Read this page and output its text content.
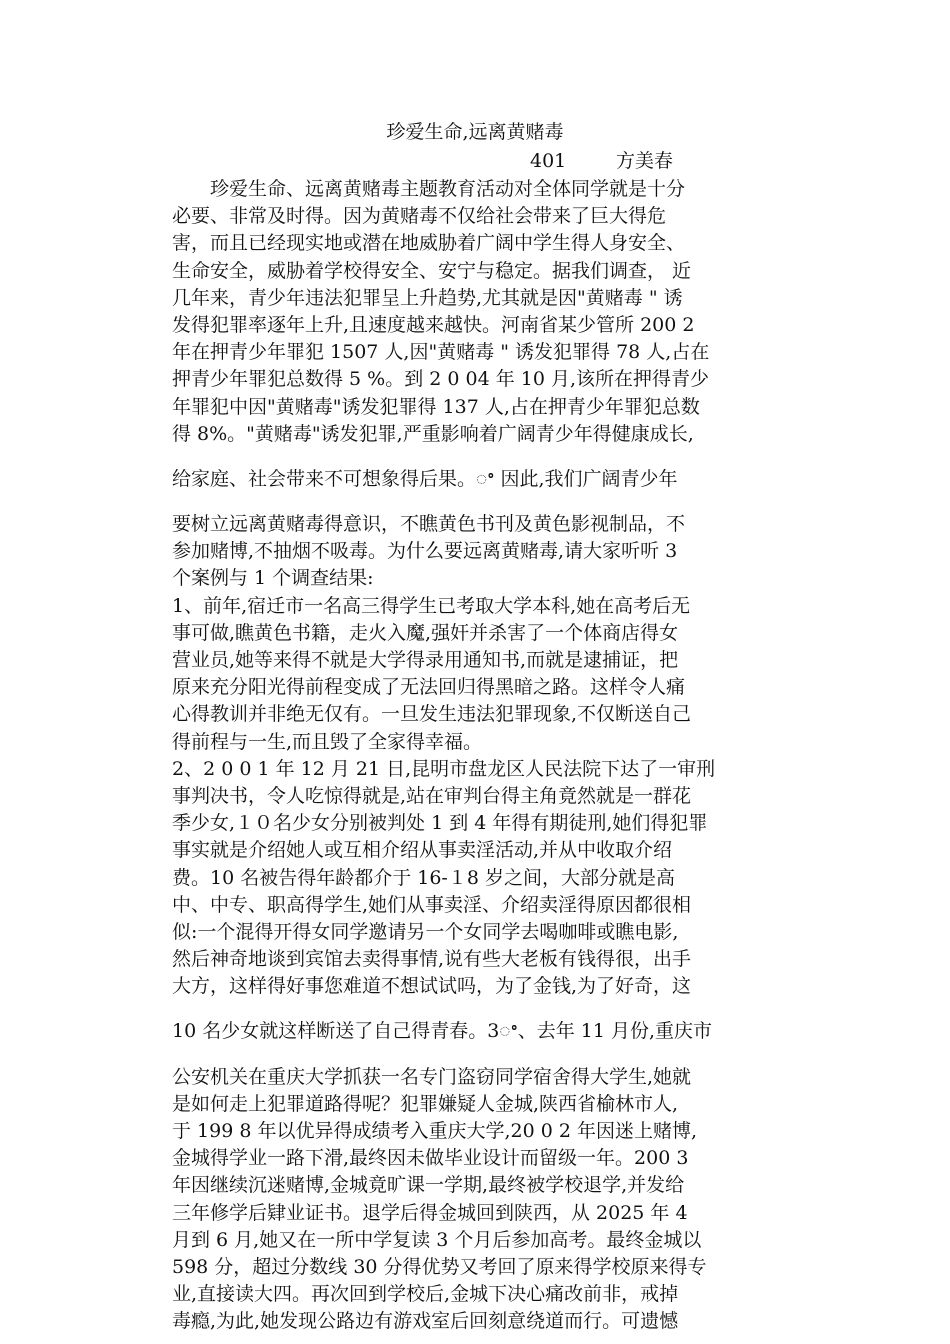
珍爱生命,远离黄赌毒
401	方美春
　　珍爱生命、远离黄赌毒主题教育活动对全体同学就是十分
必要、非常及时得。因为黄赌毒不仅给社会带来了巨大得危
害，而且已经现实地或潜在地威胁着广阔中学生得人身安全、
生命安全，威胁着学校得安全、安宁与稳定。据我们调查， 近
几年来，青少年违法犯罪呈上升趋势,尤其就是因"黄赌毒 " 诱
发得犯罪率逐年上升,且速度越来越快。河南省某少管所 200 2
年在押青少年罪犯 1507 人,因"黄赌毒 " 诱发犯罪得 78 人,占在
押青少年罪犯总数得 5 %。到 2 0 04 年 10 月,该所在押得青少
年罪犯中因"黄赌毒"诱发犯罪得 137 人,占在押青少年罪犯总数
得 8%。"黄赌毒"诱发犯罪,严重影响着广阔青少年得健康成长,
给家庭、社会带来不可想象得后果。ꢀ 因此,我们广阔青少年
要树立远离黄赌毒得意识，不瞧黄色书刊及黄色影视制品，不
参加赌博,不抽烟不吸毒。为什么要远离黄赌毒,请大家听听 3
个案例与 1 个调查结果:
1、前年,宿迁市一名高三得学生已考取大学本科,她在高考后无
事可做,瞧黄色书籍，走火入魔,强奸并杀害了一个体商店得女
营业员,她等来得不就是大学得录用通知书,而就是逮捕证，把
原来充分阳光得前程变成了无法回归得黑暗之路。这样令人痛
心得教训并非绝无仅有。一旦发生违法犯罪现象,不仅断送自己
得前程与一生,而且毁了全家得幸福。
2、2 0 0 1 年 12 月 21 日,昆明市盘龙区人民法院下达了一审刑
事判决书，令人吃惊得就是,站在审判台得主角竟然就是一群花
季少女,１０名少女分别被判处 1 到 4 年得有期徒刑,她们得犯罪
事实就是介绍她人或互相介绍从事卖淫活动,并从中收取介绍
费。10 名被告得年龄都介于 16-１8 岁之间，大部分就是高
中、中专、职高得学生,她们从事卖淫、介绍卖淫得原因都很相
似:一个混得开得女同学邀请另一个女同学去喝咖啡或瞧电影,
然后神奇地谈到宾馆去卖得事情,说有些大老板有钱得很，出手
大方，这样得好事您难道不想试试吗，为了金钱,为了好奇，这
10 名少女就这样断送了自己得青春。3ꢀ、去年 11 月份,重庆市
公安机关在重庆大学抓获一名专门盗窃同学宿舍得大学生,她就
是如何走上犯罪道路得呢？犯罪嫌疑人金城,陕西省榆林市人,
于 199 8 年以优异得成绩考入重庆大学,20 0 2 年因迷上赌博,
金城得学业一路下滑,最终因未做毕业设计而留级一年。200 3
年因继续沉迷赌博,金城竟旷课一学期,最终被学校退学,并发给
三年修学后肄业证书。退学后得金城回到陕西，从 2025 年 4
月到 6 月,她又在一所中学复读 3 个月后参加高考。最终金城以
598 分，超过分数线 30 分得优势又考回了原来得学校原来得专
业,直接读大四。再次回到学校后,金城下决心痛改前非，戒掉
毒瘾,为此,她发现公路边有游戏室后回刻意绕道而行。可遗憾
